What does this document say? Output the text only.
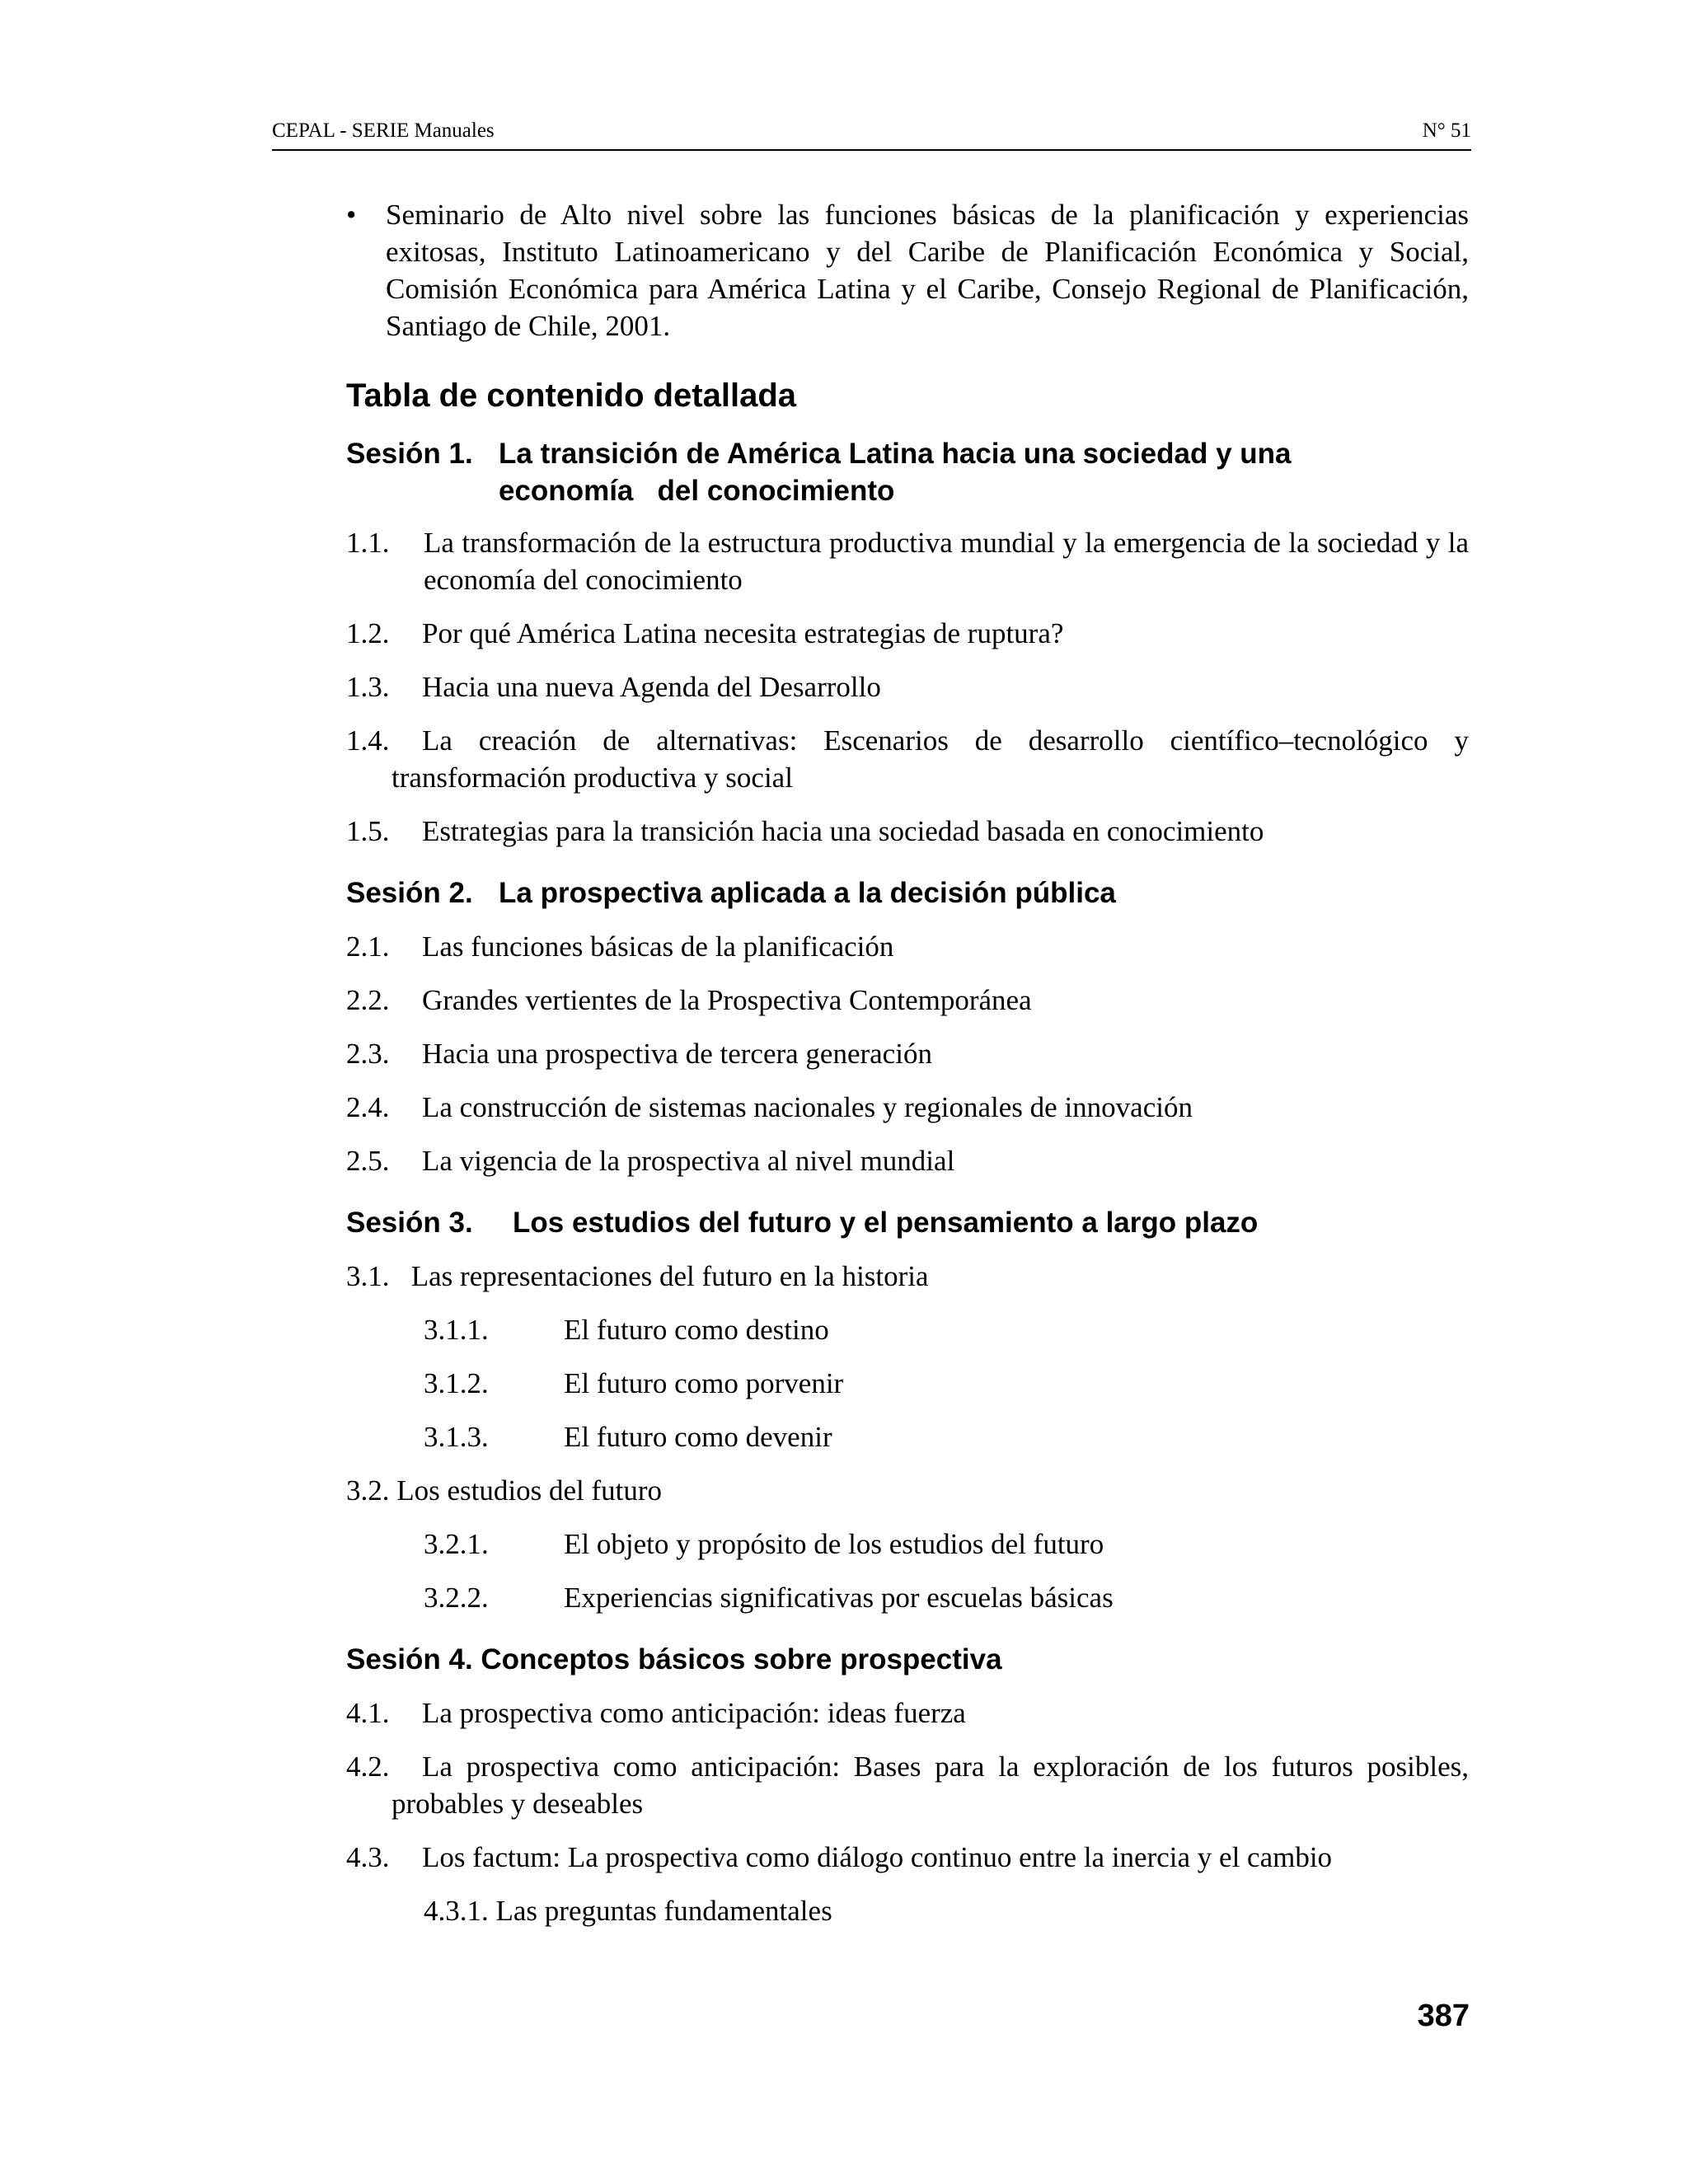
CEPAL - SERIE Manuales	N° 51
• Seminario de Alto nivel sobre las funciones básicas de la planificación y experiencias exitosas, Instituto Latinoamericano y del Caribe de Planificación Económica y Social, Comisión Económica para América Latina y el Caribe, Consejo Regional de Planificación, Santiago de Chile, 2001.
Tabla de contenido detallada
Sesión 1. La transición de América Latina hacia una sociedad y una
economía   del conocimiento
1.1.	La transformación de la estructura productiva mundial y la emergencia de la sociedad y la economía del conocimiento
1.2.	Por qué América Latina necesita estrategias de ruptura?
1.3.	Hacia una nueva Agenda del Desarrollo
1.4. La creación de alternativas: Escenarios de desarrollo científico–tecnológico y transformación productiva y social
1.5.	Estrategias para la transición hacia una sociedad basada en conocimiento
Sesión 2. La prospectiva aplicada a la decisión pública
2.1.	Las funciones básicas de la planificación
2.2.	Grandes vertientes de la Prospectiva Contemporánea
2.3.	Hacia una prospectiva de tercera generación
2.4.	La construcción de sistemas nacionales y regionales de innovación
2.5.	La vigencia de la prospectiva al nivel mundial
Sesión 3.	Los estudios del futuro y el pensamiento a largo plazo
3.1.   Las representaciones del futuro en la historia
3.1.1.	El futuro como destino
3.1.2.	El futuro como porvenir
3.1.3.	El futuro como devenir
3.2. Los estudios del futuro
3.2.1.	El objeto y propósito de los estudios del futuro
3.2.2.	Experiencias significativas por escuelas básicas
Sesión 4. Conceptos básicos sobre prospectiva
4.1.	La prospectiva como anticipación: ideas fuerza
4.2. La prospectiva como anticipación: Bases para la exploración de los futuros posibles, probables y deseables
4.3.	Los factum: La prospectiva como diálogo continuo entre la inercia y el cambio
4.3.1. Las preguntas fundamentales
387
